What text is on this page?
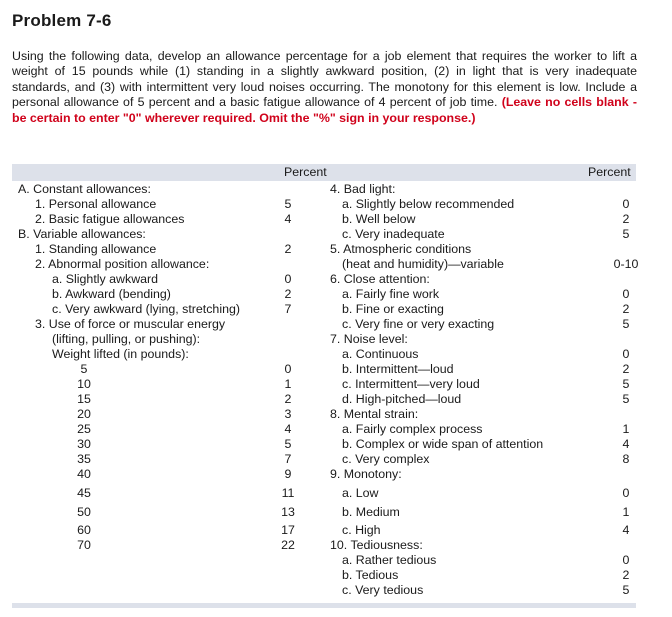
Problem 7-6
Using the following data, develop an allowance percentage for a job element that requires the worker to lift a weight of 15 pounds while (1) standing in a slightly awkward position, (2) in light that is very inadequate standards, and (3) with intermittent very loud noises occurring. The monotony for this element is low. Include a personal allowance of 5 percent and a basic fatigue allowance of 4 percent of job time. (Leave no cells blank - be certain to enter "0" wherever required. Omit the "%" sign in your response.)
Percent	Percent
A. Constant allowances:
1. Personal allowance	5
2. Basic fatigue allowances	4
B. Variable allowances:
1. Standing allowance	2
2. Abnormal position allowance:
a. Slightly awkward	0
b. Awkward (bending)	2
c. Very awkward (lying, stretching)	7
3. Use of force or muscular energy
(lifting, pulling, or pushing):
Weight lifted (in pounds):
5	0
10	1
15	2
20	3
25	4
30	5
35	7
40	9
45	11
50	13
60	17
70	22
4. Bad light:
a. Slightly below recommended	0
b. Well below	2
c. Very inadequate	5
5. Atmospheric conditions
(heat and humidity)—variable	0-10
6. Close attention:
a. Fairly fine work	0
b. Fine or exacting	2
c. Very fine or very exacting	5
7. Noise level:
a. Continuous	0
b. Intermittent—loud	2
c. Intermittent—very loud	5
d. High-pitched—loud	5
8. Mental strain:
a. Fairly complex process	1
b. Complex or wide span of attention	4
c. Very complex	8
9. Monotony:
a. Low	0
b. Medium	1
c. High	4
10. Tediousness:
a. Rather tedious	0
b. Tedious	2
c. Very tedious	5
